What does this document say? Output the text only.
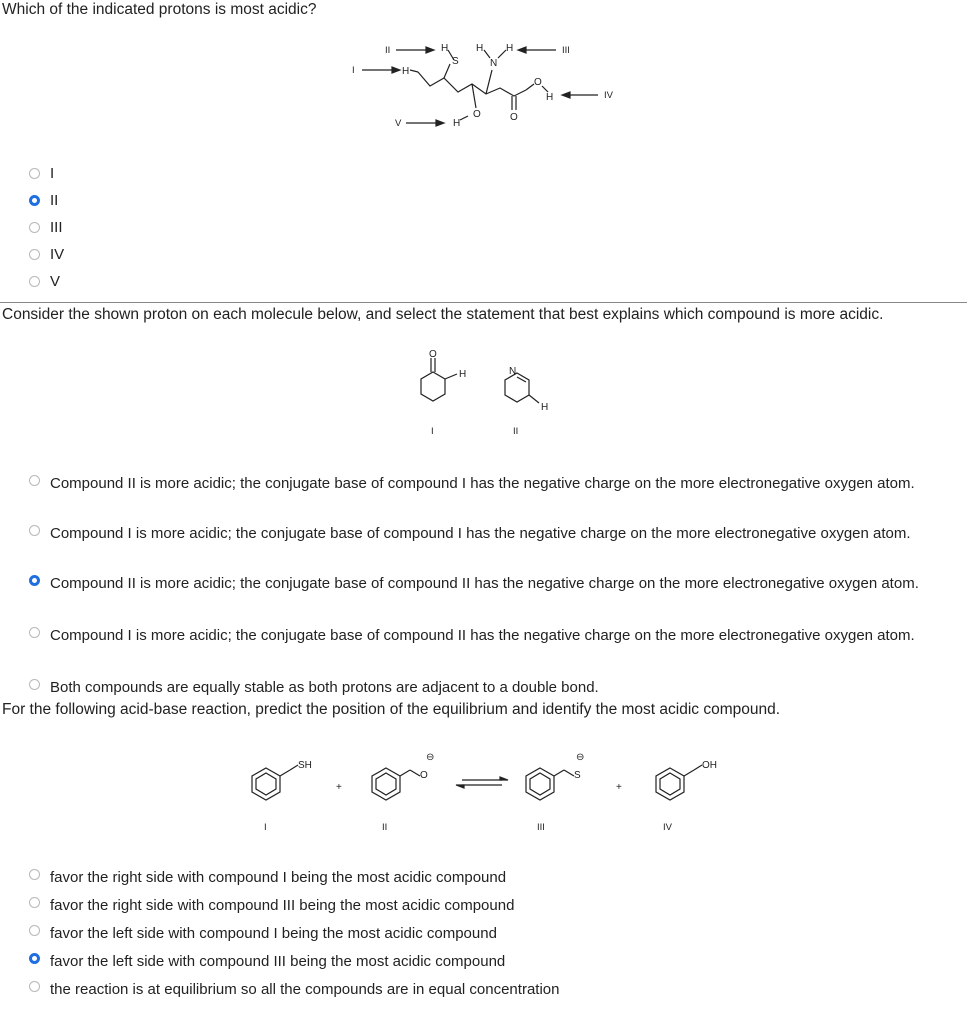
Which of the indicated protons is most acidic?

H
H
S
H
N
H
O
H
O
O
H
II
I
III
IV
V
I
II
III
IV
V

Consider the shown proton on each molecule below, and select the statement that best explains which compound is more acidic.

O
H
I
N
H
II
Compound II is more acidic; the conjugate base of compound I has the negative charge on the more electronegative oxygen atom.
Compound I is more acidic; the conjugate base of compound I has the negative charge on the more electronegative oxygen atom.
Compound II is more acidic; the conjugate base of compound II has the negative charge on the more electronegative oxygen atom.
Compound I is more acidic; the conjugate base of compound II has the negative charge on the more electronegative oxygen atom.
Both compounds are equally stable as both protons are adjacent to a double bond.

For the following acid-base reaction, predict the position of the equilibrium and identify the most acidic compound.

SH
I
+
O
⊖
II
S
⊖
III
+
OH
IV
favor the right side with compound I being the most acidic compound
favor the right side with compound III being the most acidic compound
favor the left side with compound I being the most acidic compound
favor the left side with compound III being the most acidic compound
the reaction is at equilibrium so all the compounds are in equal concentration
